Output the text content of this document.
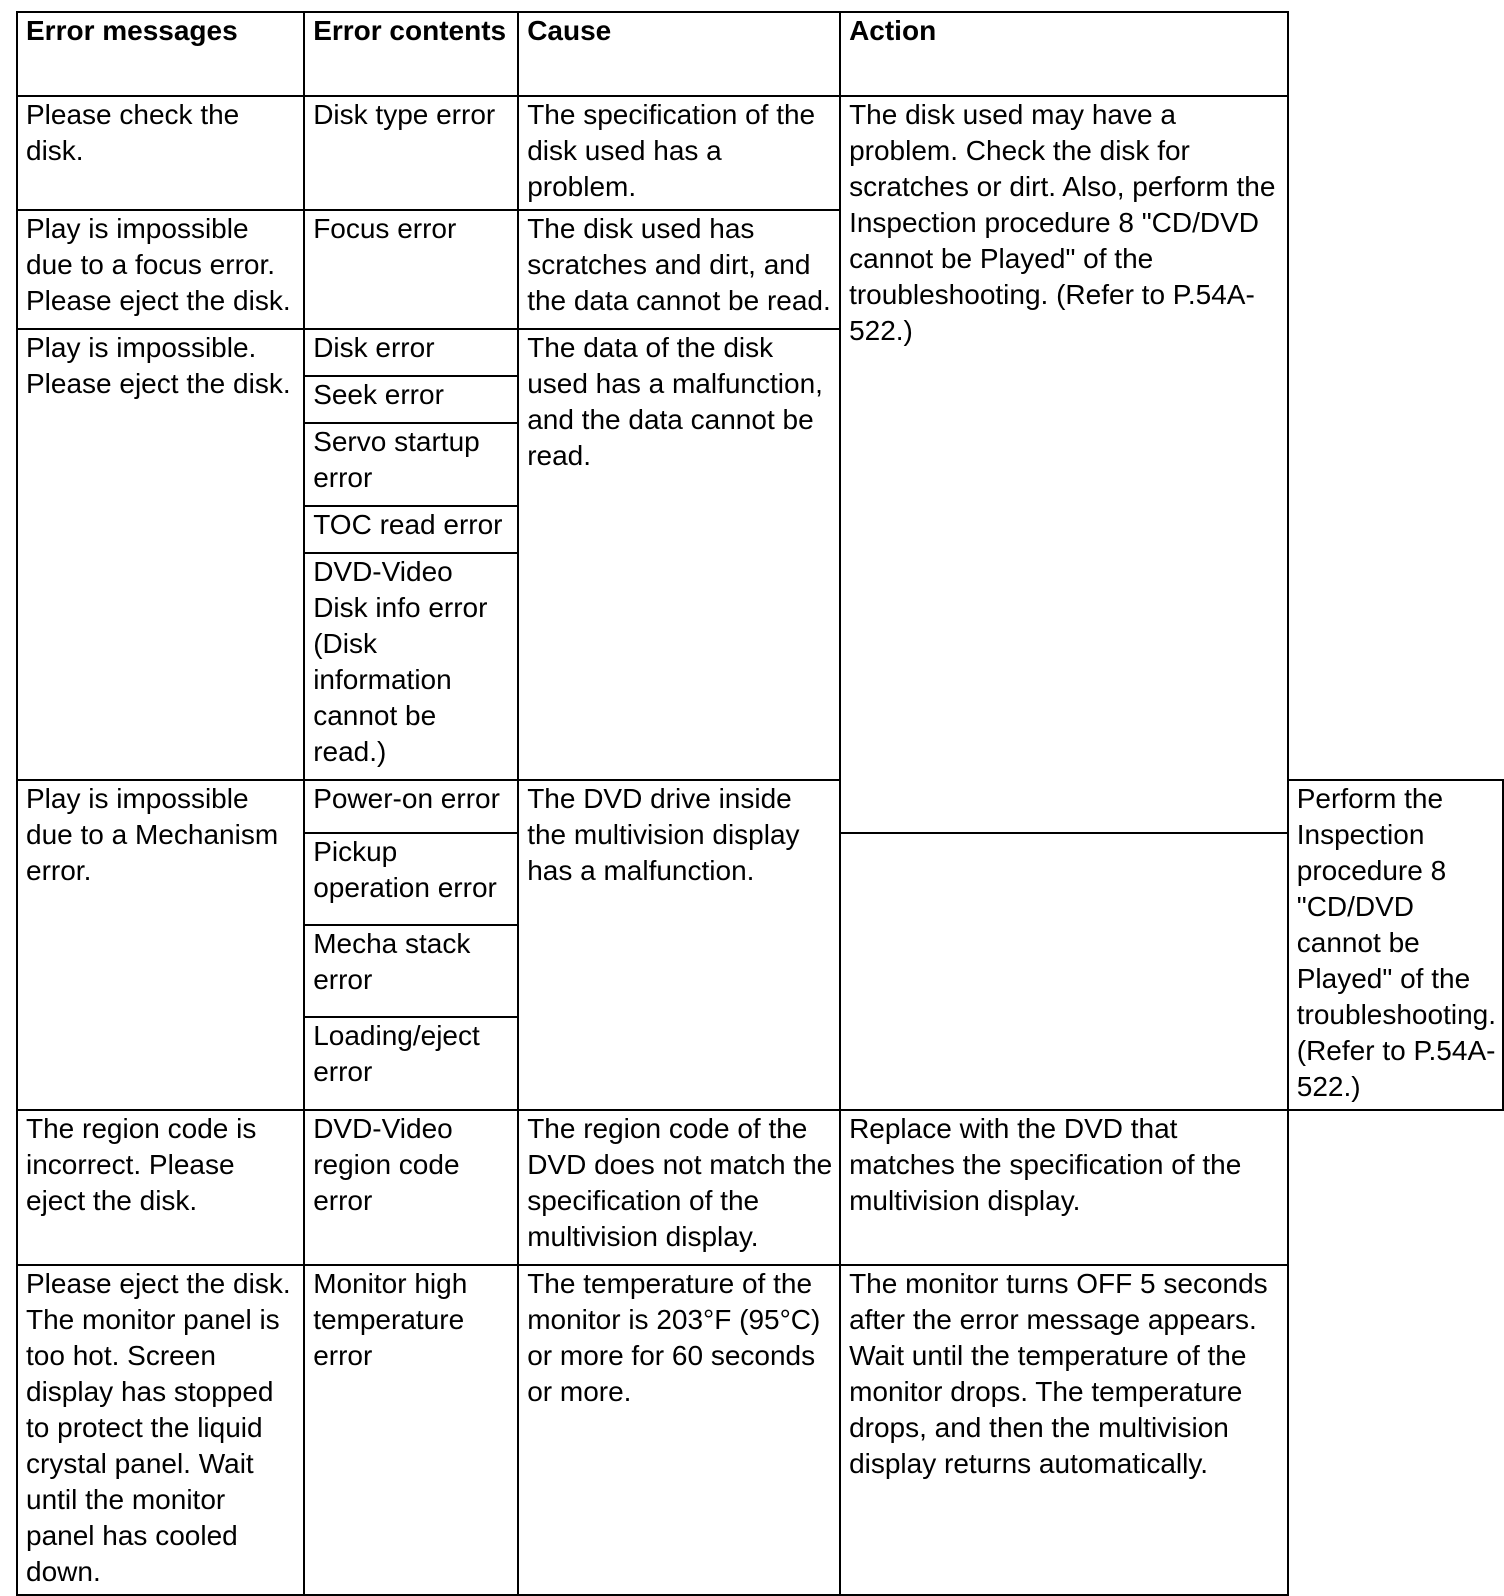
Error messages	Error contents	Cause	Action	
Please check the disk.	Disk type error	The specification of the disk used has a problem.	The disk used may have a problem. Check the disk for scratches or dirt. Also, perform the Inspection procedure 8 "CD/DVD cannot be Played" of the troubleshooting. (Refer to P.54A-522.)	
Play is impossible due to a focus error. Please eject the disk.	Focus error	The disk used has scratches and dirt, and the data cannot be read.		
Play is impossible. Please eject the disk.	Disk error	The data of the disk used has a malfunction, and the data cannot be read.		
	Seek error			
	Servo startup error			
	TOC read error			
	DVD-Video Disk info error (Disk information cannot be read.)			
Play is impossible due to a Mechanism error.	Power-on error	The DVD drive inside the multivision display has a malfunction.		Perform the Inspection procedure 8 "CD/DVD cannot be Played" of the troubleshooting. (Refer to P.54A-522.)
	Pickup operation error			
	Mecha stack error			
	Loading/eject error			
The region code is incorrect. Please eject the disk.	DVD-Video region code error	The region code of the DVD does not match the specification of the multivision display.	Replace with the DVD that matches the specification of the multivision display.	
Please eject the disk. The monitor panel is too hot. Screen display has stopped to protect the liquid crystal panel. Wait until the monitor panel has cooled down.	Monitor high temperature error	The temperature of the monitor is 203°F (95°C) or more for 60 seconds or more.	The monitor turns OFF 5 seconds after the error message appears. Wait until the temperature of the monitor drops. The temperature drops, and then the multivision display returns automatically.	
